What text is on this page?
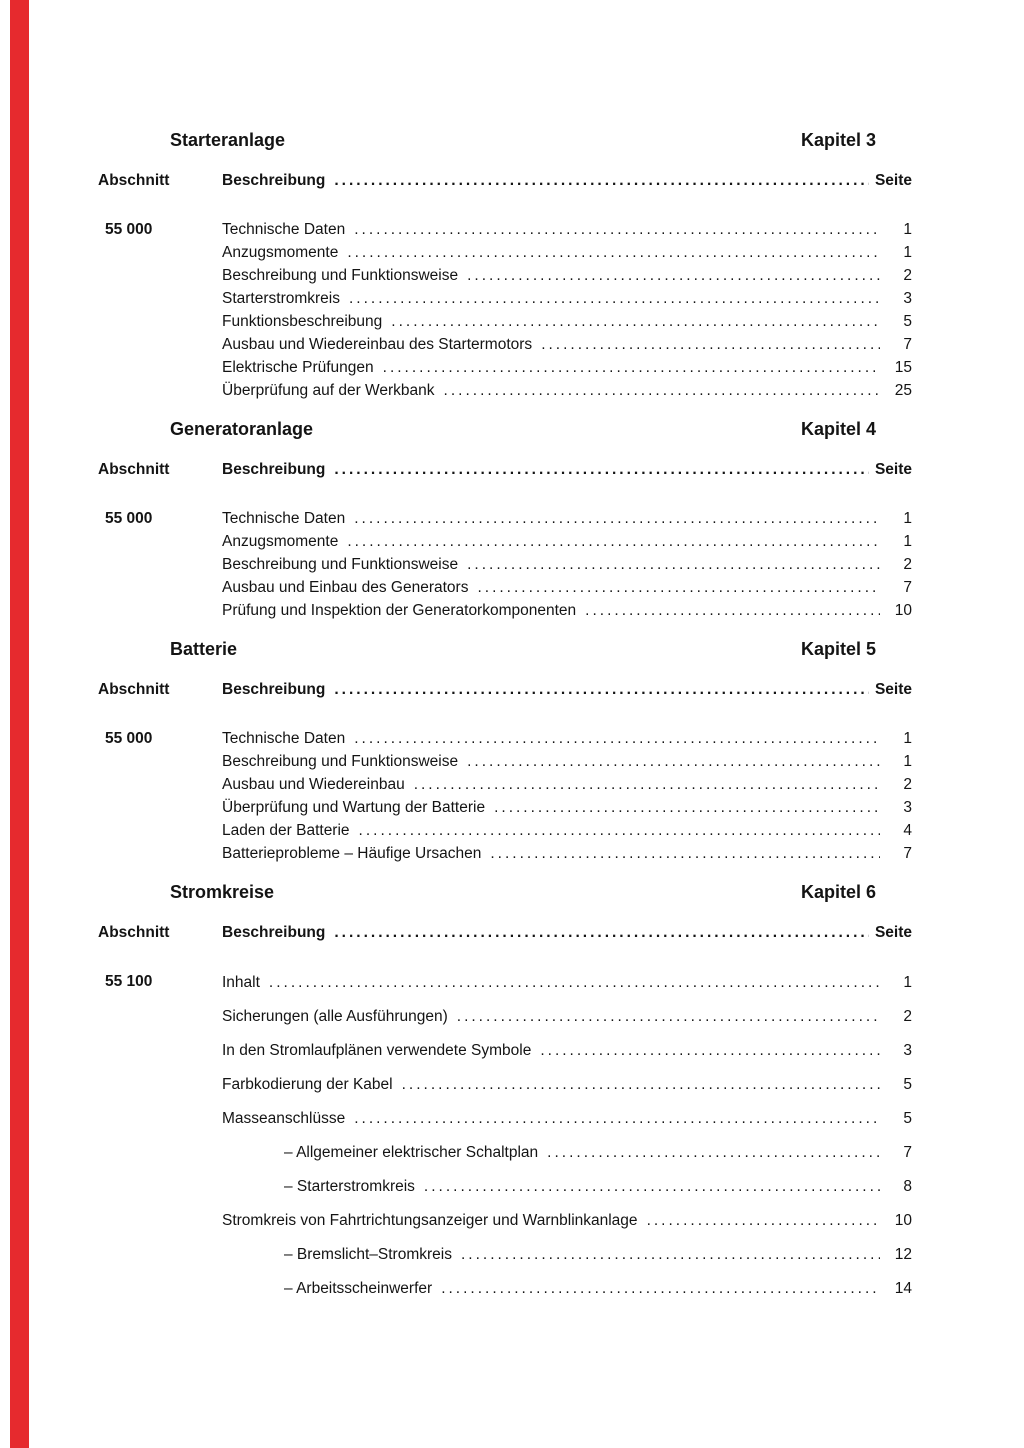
Starteranlage	Kapitel 3
Abschnitt	Beschreibung .....	Seite
55 000	Technische Daten .....	1
Anzugsmomente .....	1
Beschreibung und Funktionsweise .....	2
Starterstromkreis .....	3
Funktionsbeschreibung .....	5
Ausbau und Wiedereinbau des Startermotors .....	7
Elektrische Prüfungen .....	15
Überprüfung auf der Werkbank .....	25
Generatoranlage	Kapitel 4
Abschnitt	Beschreibung .....	Seite
55 000	Technische Daten .....	1
Anzugsmomente .....	1
Beschreibung und Funktionsweise .....	2
Ausbau und Einbau des Generators .....	7
Prüfung und Inspektion der Generatorkomponenten .....	10
Batterie	Kapitel 5
Abschnitt	Beschreibung .....	Seite
55 000	Technische Daten .....	1
Beschreibung und Funktionsweise .....	1
Ausbau und Wiedereinbau .....	2
Überprüfung und Wartung der Batterie .....	3
Laden der Batterie .....	4
Batterieprobleme – Häufige Ursachen .....	7
Stromkreise	Kapitel 6
Abschnitt	Beschreibung .....	Seite
55 100	Inhalt .....	1
Sicherungen (alle Ausführungen) .....	2
In den Stromlaufplänen verwendete Symbole .....	3
Farbkodierung der Kabel .....	5
Masseanschlüsse .....	5
– Allgemeiner elektrischer Schaltplan .....	7
– Starterstromkreis .....	8
Stromkreis von Fahrtrichtungsanzeiger und Warnblinkanlage .....	10
– Bremslicht–Stromkreis .....	12
– Arbeitsscheinwerfer .....	14
